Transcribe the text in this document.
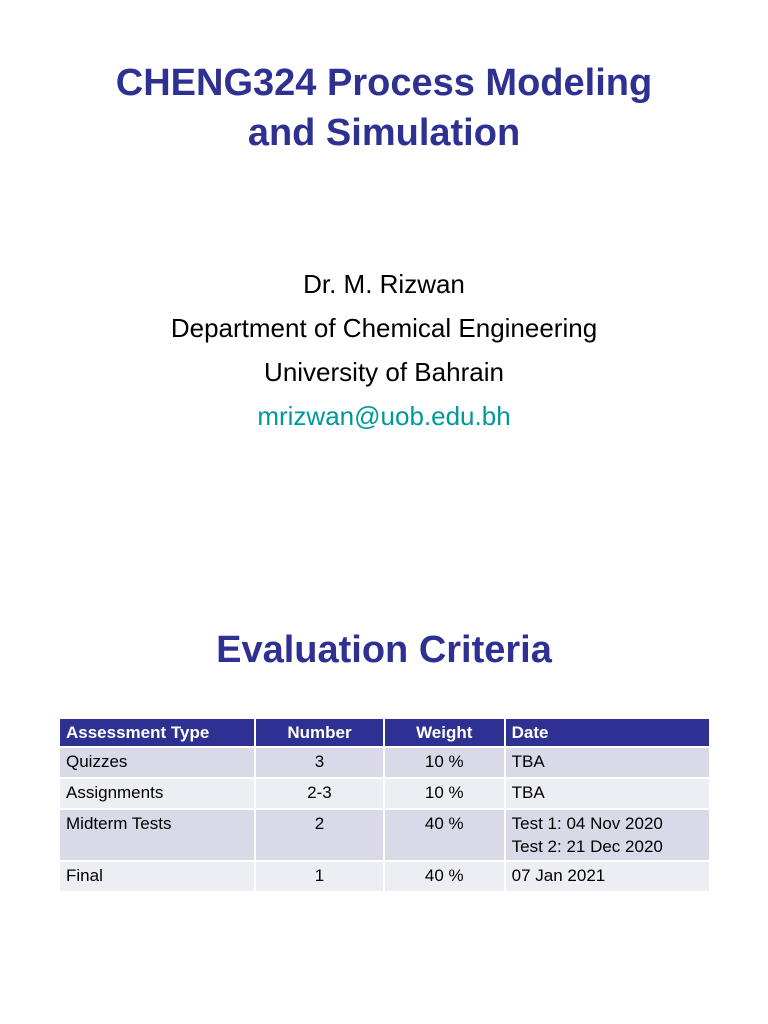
CHENG324 Process Modeling
and Simulation
Dr. M. Rizwan
Department of Chemical Engineering
University of Bahrain
mrizwan@uob.edu.bh
Evaluation Criteria
Assessment Type	Number	Weight	Date
Quizzes	3	10 %	TBA

Assignments	2-3	10 %	TBA

Midterm Tests	2	40 %	Test 1: 04 Nov 2020
Test 2: 21 Dec 2020

Final	1	40 %	07 Jan 2021
